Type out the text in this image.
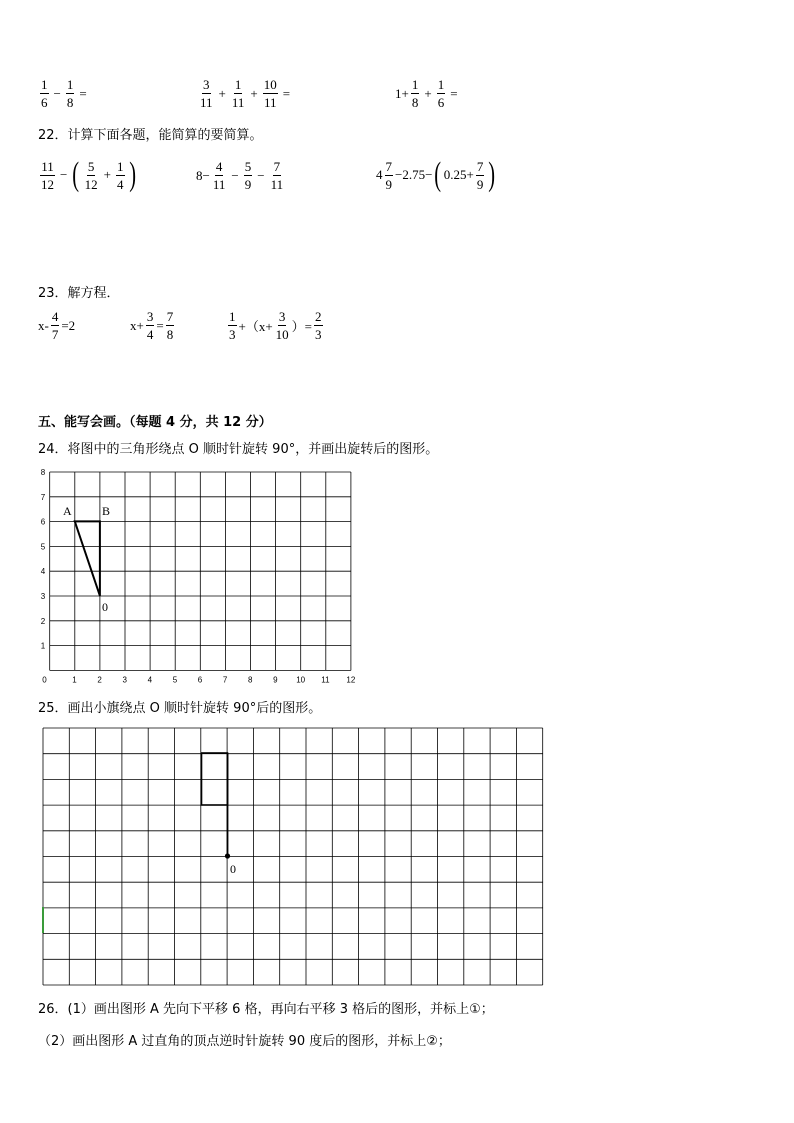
$\frac{1}{6} - \frac{1}{8}$ =	$\frac{3}{11} + \frac{1}{11} + \frac{10}{11}$ =	$1+ \frac{1}{8} + \frac{1}{6}$ =
22．计算下面各题，能简算的要简算。
$\frac{11}{12}$ − ( $\frac{5}{12} + \frac{1}{4}$ )	$8- \frac{4}{11} - \frac{5}{9} - \frac{7}{11}$	$4 \frac{7}{9} -2.75-$ ( $0.25+ \frac{7}{9}$ )
23．解方程．
$x- \frac{4}{7} =2$	$x+ \frac{3}{4} = \frac{7}{8}$	$\frac{1}{3} +(x+ \frac{3}{10}$ ）= $\frac{2}{3}$
五、能写会画。（每题 4 分，共 12 分）
24．将图中的三角形绕点 O 顺时针旋转 90°，并画出旋转后的图形。
0	1	2	3	4	5	6	7	8	9 10 11 12
1
2
3
4
5
6
7
8
A	B
0
25．画出小旗绕点 O 顺时针旋转 90°后的图形。
0
26．(1）画出图形 A 先向下平移 6 格，再向右平移 3 格后的图形，并标上①；
（2）画出图形 A 过直角的顶点逆时针旋转 90 度后的图形，并标上②；
